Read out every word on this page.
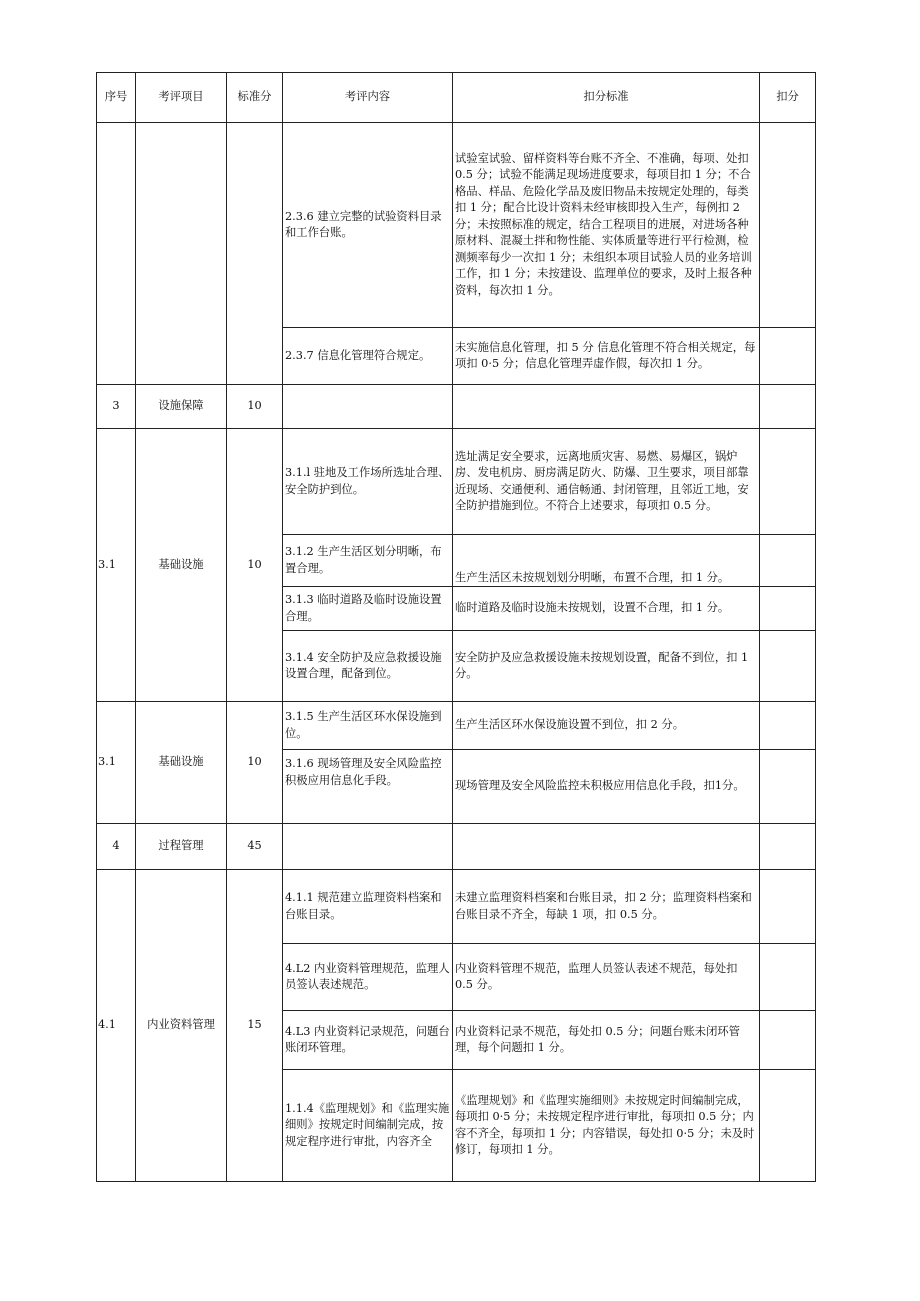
序号	考评项目	标准分	考评内容	扣分标准	扣分
			2.3.6 建立完整的试验资料目录和工作台账。	试验室试验、留样资料等台账不齐全、不准确，每项、处扣 0.5 分；试验不能满足现场进度要求，每项目扣 1 分；不合格品、样品、危险化学品及废旧物品未按规定处理的，每类扣 1 分；配合比设计资料未经审核即投入生产，每例扣 2 分；未按照标准的规定，结合工程项目的进展，对进场各种原材料、混凝土拌和物性能、实体质量等进行平行检测，检测频率每少一次扣 1 分；未组织本项目试验人员的业务培训工作，扣 1 分；未按建设、监理单位的要求，及时上报各种资料，每次扣 1 分。	
			2.3.7 信息化管理符合规定。	未实施信息化管理，扣 5 分 信息化管理不符合相关规定，每项扣 0·5 分；信息化管理弄虚作假，每次扣 1 分。	
3	设施保障	10			
3.1	基础设施	10	3.1.l 驻地及工作场所选址合理、安全防护到位。	选址满足安全要求，远离地质灾害、易燃、易爆区，锅炉房、发电机房、厨房满足防火、防爆、卫生要求，项目部靠近现场、交通便利、通信畅通、封闭管理，且邻近工地，安全防护措施到位。不符合上述要求，每项扣 0.5 分。	
			3.1.2 生产生活区划分明晰，布置合理。	生产生活区未按规划划分明晰，布置不合理，扣 1 分。	
			3.1.3 临时道路及临时设施设置合理。	临时道路及临时设施未按规划，设置不合理，扣 1 分。	
			3.1.4 安全防护及应急救援设施设置合理，配备到位。	安全防护及应急救援设施未按规划设置，配备不到位，扣 1 分。	
3.1	基础设施	10	3.1.5 生产生活区环水保设施到位。	生产生活区环水保设施设置不到位，扣 2 分。	
			3.1.6 现场管理及安全风险监控积极应用信息化手段。	现场管理及安全风险监控未积极应用信息化手段，扣1分。	
4	过程管理	45			
4.1	内业资料管理	15	4.1.1 规范建立监理资料档案和台账目录。	未建立监理资料档案和台账目录，扣 2 分；监理资料档案和台账目录不齐全，每缺 1 项，扣 0.5 分。	
			4.L2 内业资料管理规范，监理人员签认表述规范。	内业资料管理不规范，监理人员签认表述不规范，每处扣 0.5 分。	
			4.L3 内业资料记录规范，问题台账闭环管理。	内业资料记录不规范，每处扣 0.5 分；问题台账未闭环管理，每个问题扣 1 分。	
			1.1.4《监理规划》和《监理实施细则》按规定时间编制完成，按规定程序进行审批，内容齐全	《监理规划》和《监理实施细则》未按规定时间编制完成，每项扣 0·5 分；未按规定程序进行审批，每项扣 0.5 分；内容不齐全，每项扣 1 分；内容错误，每处扣 0·5 分；未及时修订，每项扣 1 分。	
